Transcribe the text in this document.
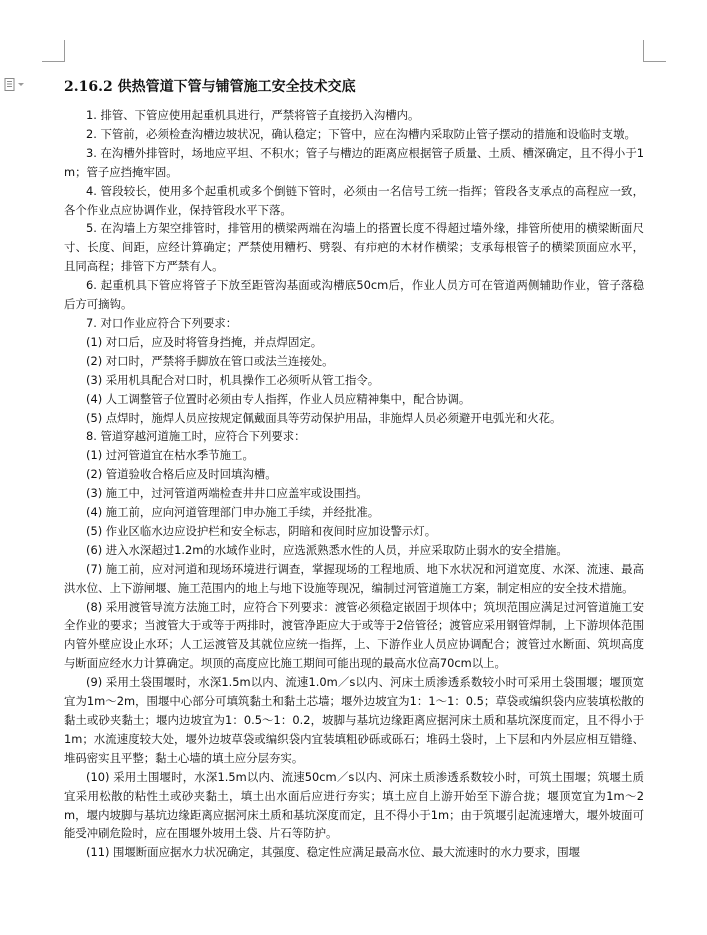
2.16.2 供热管道下管与铺管施工安全技术交底

1. 排管、下管应使用起重机具进行，严禁将管子直接扔入沟槽内。

2. 下管前，必须检查沟槽边坡状况，确认稳定；下管中，应在沟槽内采取防止管子摆动的措施和设临时支墩。

3. 在沟槽外排管时，场地应平坦、不积水；管子与槽边的距离应根据管子质量、土质、槽深确定，且不得小于1m；管子应挡掩牢固。

4. 管段较长，使用多个起重机或多个倒链下管时，必须由一名信号工统一指挥；管段各支承点的高程应一致，各个作业点应协调作业，保持管段水平下落。

5. 在沟墙上方架空排管时，排管用的横梁两端在沟墙上的搭置长度不得超过墙外缘，排管所使用的横梁断面尺寸、长度、间距，应经计算确定；严禁使用糟朽、劈裂、有疖疤的木材作横梁；支承每根管子的横梁顶面应水平，且同高程；排管下方严禁有人。

6. 起重机具下管应将管子下放至距管沟基面或沟槽底50cm后，作业人员方可在管道两侧辅助作业，管子落稳后方可摘钩。

7. 对口作业应符合下列要求：

(1) 对口后，应及时将管身挡掩，并点焊固定。

(2) 对口时，严禁将手脚放在管口或法兰连接处。

(3) 采用机具配合对口时，机具操作工必须听从管工指令。

(4) 人工调整管子位置时必须由专人指挥，作业人员应精神集中，配合协调。

(5) 点焊时，施焊人员应按规定佩戴面具等劳动保护用品，非施焊人员必须避开电弧光和火花。

8. 管道穿越河道施工时，应符合下列要求：

(1) 过河管道宜在枯水季节施工。

(2) 管道验收合格后应及时回填沟槽。

(3) 施工中，过河管道两端检查井井口应盖牢或设围挡。

(4) 施工前，应向河道管理部门申办施工手续，并经批准。

(5) 作业区临水边应设护栏和安全标志，阴暗和夜间时应加设警示灯。

(6) 进入水深超过1.2m的水域作业时，应选派熟悉水性的人员，并应采取防止弱水的安全措施。

(7) 施工前，应对河道和现场环境进行调查，掌握现场的工程地质、地下水状况和河道宽度、水深、流速、最高洪水位、上下游闸堰、施工范围内的地上与地下设施等现况，编制过河管道施工方案，制定相应的安全技术措施。

(8) 采用渡管导流方法施工时，应符合下列要求：渡管必须稳定嵌固于坝体中；筑坝范围应满足过河管道施工安全作业的要求；当渡管大于或等于两排时，渡管净距应大于或等于2倍管径；渡管应采用钢管焊制，上下游坝体范围内管外壁应设止水环；人工运渡管及其就位应统一指挥，上、下游作业人员应协调配合；渡管过水断面、筑坝高度与断面应经水力计算确定。坝顶的高度应比施工期间可能出现的最高水位高70cm以上。

(9) 采用土袋围堰时，水深1.5m以内、流速1.0m／s以内、河床土质渗透系数较小时可采用土袋围堰；堰顶宽宜为1m～2m，围堰中心部分可填筑黏土和黏土芯墙；堰外边坡宜为1：1～1：0.5；草袋或编织袋内应装填松散的黏土或砂夹黏土；堰内边坡宜为1：0.5～1：0.2，坡脚与基坑边缘距离应据河床土质和基坑深度而定，且不得小于1m；水流速度较大处，堰外边坡草袋或编织袋内宜装填粗砂砾或砾石；堆码土袋时，上下层和内外层应相互错缝、堆码密实且平整；黏土心墙的填土应分层夯实。

(10) 采用土围堰时，水深1.5m以内、流速50cm／s以内、河床土质渗透系数较小时，可筑土围堰；筑堰土质宜采用松散的粘性土或砂夹黏土，填土出水面后应进行夯实；填土应自上游开始至下游合拢；堰顶宽宜为1m～2m，堰内坡脚与基坑边缘距离应据河床土质和基坑深度而定，且不得小于1m；由于筑堰引起流速增大，堰外坡面可能受冲刷危险时，应在围堰外坡用土袋、片石等防护。

(11) 围堰断面应据水力状况确定，其强度、稳定性应满足最高水位、最大流速时的水力要求，围堰
